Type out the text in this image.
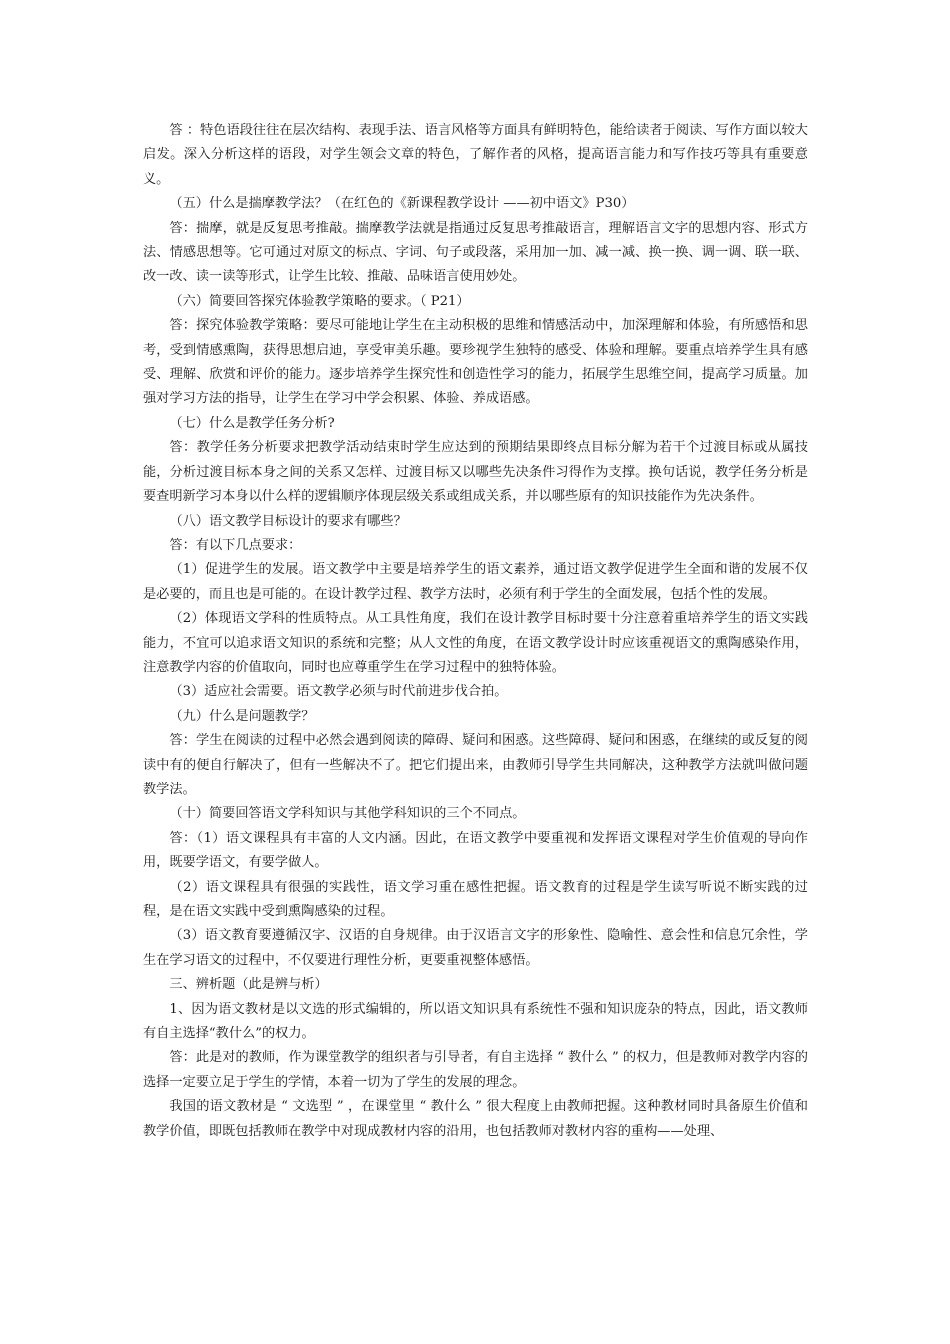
答 ：特色语段往往在层次结构、表现手法、语言风格等方面具有鲜明特色，能给读者于阅读、写作方面以较大启发。深入分析这样的语段，对学生领会文章的特色，了解作者的风格，提高语言能力和写作技巧等具有重要意义。

（五）什么是揣摩教学法？（在红色的《新课程教学设计 ——初中语文》P30）

答：揣摩，就是反复思考推敲。揣摩教学法就是指通过反复思考推敲语言，理解语言文字的思想内容、形式方法、情感思想等。它可通过对原文的标点、字词、句子或段落，采用加一加、减一减、换一换、调一调、联一联、改一改、读一读等形式，让学生比较、推敲、品味语言使用妙处。

（六）简要回答探究体验教学策略的要求。（ P21）

答：探究体验教学策略：要尽可能地让学生在主动积极的思维和情感活动中，加深理解和体验，有所感悟和思考，受到情感熏陶，获得思想启迪，享受审美乐趣。要珍视学生独特的感受、体验和理解。要重点培养学生具有感受、理解、欣赏和评价的能力。逐步培养学生探究性和创造性学习的能力，拓展学生思维空间，提高学习质量。加强对学习方法的指导，让学生在学习中学会积累、体验、养成语感。

（七）什么是教学任务分析?

答：教学任务分析要求把教学活动结束时学生应达到的预期结果即终点目标分解为若干个过渡目标或从属技能，分析过渡目标本身之间的关系又怎样、过渡目标又以哪些先决条件习得作为支撑。换句话说，教学任务分析是要查明新学习本身以什么样的逻辑顺序体现层级关系或组成关系，并以哪些原有的知识技能作为先决条件。

（八）语文教学目标设计的要求有哪些？

答：有以下几点要求：

（1）促进学生的发展。语文教学中主要是培养学生的语文素养，通过语文教学促进学生全面和谐的发展不仅是必要的，而且也是可能的。在设计教学过程、教学方法时，必须有利于学生的全面发展，包括个性的发展。

（2）体现语文学科的性质特点。从工具性角度，我们在设计教学目标时要十分注意着重培养学生的语文实践能力，不宜可以追求语文知识的系统和完整；从人文性的角度，在语文教学设计时应该重视语文的熏陶感染作用，注意教学内容的价值取向，同时也应尊重学生在学习过程中的独特体验。

（3）适应社会需要。语文教学必须与时代前进步伐合拍。

（九）什么是问题教学？

答：学生在阅读的过程中必然会遇到阅读的障碍、疑问和困惑。这些障碍、疑问和困惑，在继续的或反复的阅读中有的便自行解决了，但有一些解决不了。把它们提出来，由教师引导学生共同解决，这种教学方法就叫做问题教学法。

（十）简要回答语文学科知识与其他学科知识的三个不同点。

答：（1）语文课程具有丰富的人文内涵。因此，在语文教学中要重视和发挥语文课程对学生价值观的导向作用，既要学语文，有要学做人。

（2）语文课程具有很强的实践性，语文学习重在感性把握。语文教育的过程是学生读写听说不断实践的过程，是在语文实践中受到熏陶感染的过程。

（3）语文教育要遵循汉字、汉语的自身规律。由于汉语言文字的形象性、隐喻性、意会性和信息冗余性，学生在学习语文的过程中，不仅要进行理性分析，更要重视整体感悟。

三、辨析题（此是辨与析）

1、因为语文教材是以文选的形式编辑的，所以语文知识具有系统性不强和知识庞杂的特点，因此，语文教师有自主选择“教什么”的权力。

答：此是对的教师，作为课堂教学的组织者与引导者，有自主选择 “ 教什么 ” 的权力，但是教师对教学内容的选择一定要立足于学生的学情，本着一切为了学生的发展的理念。

我国的语文教材是 “ 文选型 ” ，在课堂里 “ 教什么 ” 很大程度上由教师把握。这种教材同时具备原生价值和教学价值，即既包括教师在教学中对现成教材内容的沿用，也包括教师对教材内容的重构——处理、
